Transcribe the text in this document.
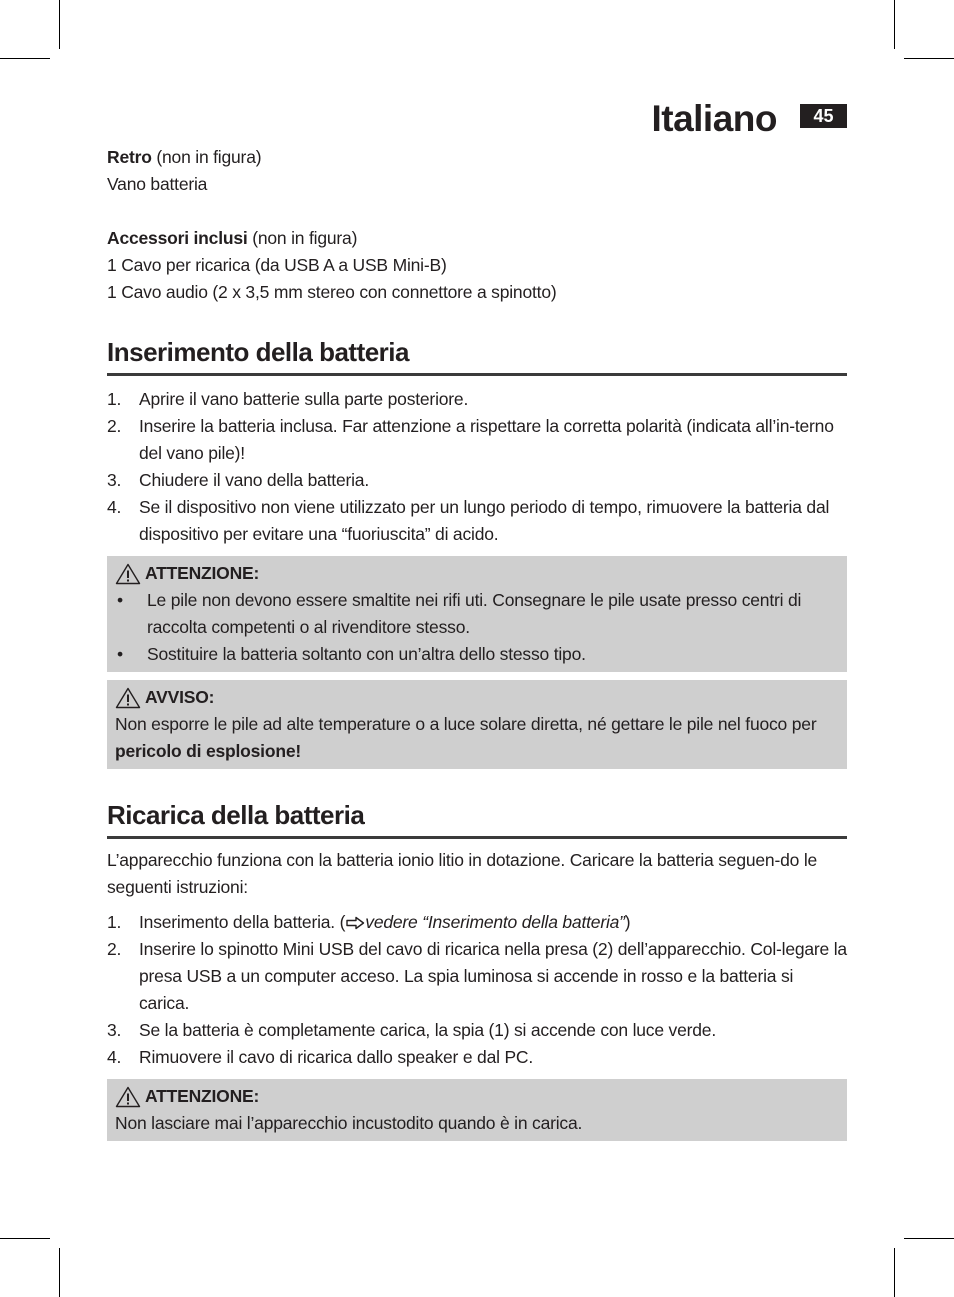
Italiano	45

Retro (non in figura)

Vano batteria

Accessori inclusi (non in figura)

1 Cavo per ricarica (da USB A a USB Mini-B)

1 Cavo audio (2 x 3,5 mm stereo con connettore a spinotto)

Inserimento della batteria
1. Aprire il vano batterie sulla parte posteriore.
2. Inserire la batteria inclusa. Far attenzione a rispettare la corretta polarità (indicata all’in-terno del vano pile)!
3. Chiudere il vano della batteria.
4. Se il dispositivo non viene utilizzato per un lungo periodo di tempo, rimuovere la batteria dal dispositivo per evitare una “fuoriuscita” di acido.
ATTENZIONE:
• Le pile non devono essere smaltite nei rifi uti. Consegnare le pile usate presso centri di raccolta competenti o al rivenditore stesso.
• Sostituire la batteria soltanto con un’altra dello stesso tipo.
AVVISO:

Non esporre le pile ad alte temperature o a luce solare diretta, né gettare le pile nel fuoco per pericolo di esplosione!

Ricarica della batteria

L’apparecchio funziona con la batteria ionio litio in dotazione. Caricare la batteria seguen-do le seguenti istruzioni:

1. Inserimento della batteria. ( vedere “Inserimento della batteria”)
2. Inserire lo spinotto Mini USB del cavo di ricarica nella presa (2) dell’apparecchio. Col-legare la presa USB a un computer acceso. La spia luminosa si accende in rosso e la batteria si carica.
3. Se la batteria è completamente carica, la spia (1) si accende con luce verde.
4. Rimuovere il cavo di ricarica dallo speaker e dal PC.
ATTENZIONE:

Non lasciare mai l’apparecchio incustodito quando è in carica.
